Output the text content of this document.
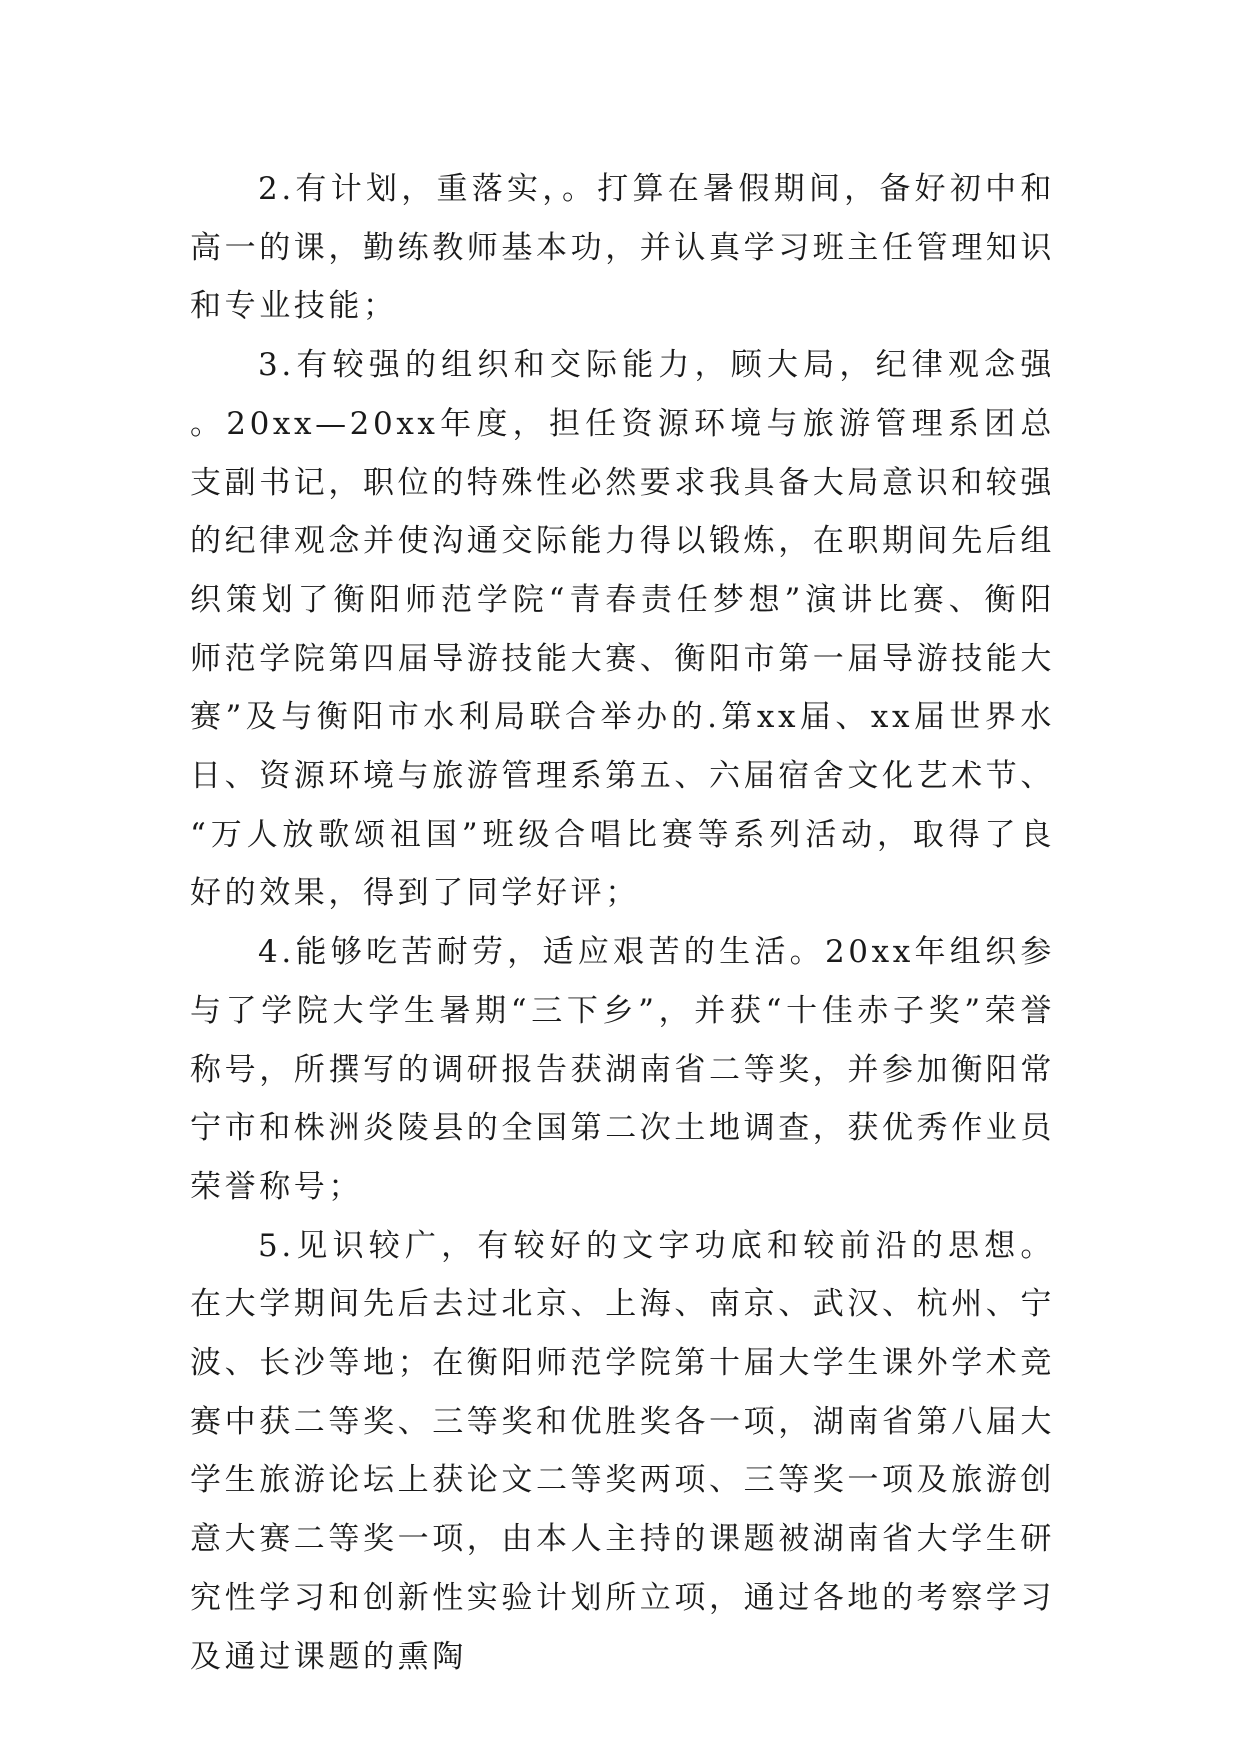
2.有计划，重落实，。打算在暑假期间，备好初中和高一的课，勤练教师基本功，并认真学习班主任管理知识和专业技能；

3.有较强的组织和交际能力，顾大局，纪律观念强。20xx—20xx年度，担任资源环境与旅游管理系团总支副书记，职位的特殊性必然要求我具备大局意识和较强的纪律观念并使沟通交际能力得以锻炼，在职期间先后组织策划了衡阳师范学院“青春责任梦想”演讲比赛、衡阳师范学院第四届导游技能大赛、衡阳市第一届导游技能大赛”及与衡阳市水利局联合举办的.第xx届、xx届世界水日、资源环境与旅游管理系第五、六届宿舍文化艺术节、“万人放歌颂祖国”班级合唱比赛等系列活动，取得了良好的效果，得到了同学好评；

4.能够吃苦耐劳，适应艰苦的生活。20xx年组织参与了学院大学生暑期“三下乡”，并获“十佳赤子奖”荣誉称号，所撰写的调研报告获湖南省二等奖，并参加衡阳常宁市和株洲炎陵县的全国第二次土地调查，获优秀作业员荣誉称号；

5.见识较广，有较好的文字功底和较前沿的思想。在大学期间先后去过北京、上海、南京、武汉、杭州、宁波、长沙等地；在衡阳师范学院第十届大学生课外学术竞赛中获二等奖、三等奖和优胜奖各一项，湖南省第八届大学生旅游论坛上获论文二等奖两项、三等奖一项及旅游创意大赛二等奖一项，由本人主持的课题被湖南省大学生研究性学习和创新性实验计划所立项，通过各地的考察学习及通过课题的熏陶
